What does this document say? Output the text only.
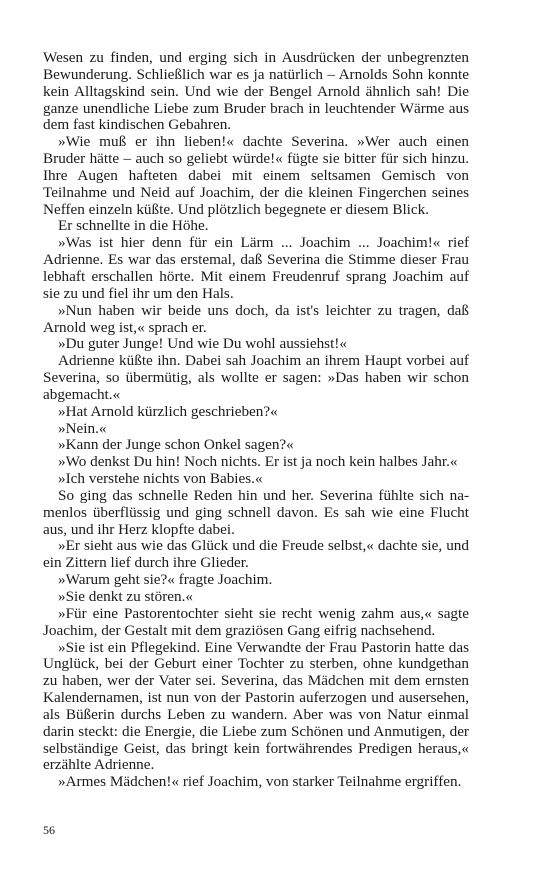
Wesen zu finden, und erging sich in Ausdrücken der unbegrenzten Bewunderung. Schließlich war es ja natürlich – Arnolds Sohn konnte kein Alltagskind sein. Und wie der Bengel Arnold ähnlich sah! Die ganze unendliche Liebe zum Bruder brach in leuchtender Wärme aus dem fast kindischen Gebahren.

»Wie muß er ihn lieben!« dachte Severina. »Wer auch einen Bruder hätte – auch so geliebt würde!« fügte sie bitter für sich hinzu. Ihre Augen hafteten dabei mit einem seltsamen Gemisch von Teilnahme und Neid auf Joachim, der die kleinen Fingerchen seines Neffen einzeln küßte. Und plötzlich begegnete er diesem Blick.

Er schnellte in die Höhe.

»Was ist hier denn für ein Lärm ... Joachim ... Joachim!« rief Adrienne. Es war das erstemal, daß Severina die Stimme dieser Frau lebhaft erschallen hörte. Mit einem Freudenruf sprang Joachim auf sie zu und fiel ihr um den Hals.

»Nun haben wir beide uns doch, da ist's leichter zu tragen, daß Arnold weg ist,« sprach er.

»Du guter Junge! Und wie Du wohl aussiehst!«

Adrienne küßte ihn. Dabei sah Joachim an ihrem Haupt vorbei auf Severina, so übermütig, als wollte er sagen: »Das haben wir schon abgemacht.«

»Hat Arnold kürzlich geschrieben?«

»Nein.«

»Kann der Junge schon Onkel sagen?«

»Wo denkst Du hin! Noch nichts. Er ist ja noch kein halbes Jahr.«

»Ich verstehe nichts von Babies.«

So ging das schnelle Reden hin und her. Severina fühlte sich namenlos überflüssig und ging schnell davon. Es sah wie eine Flucht aus, und ihr Herz klopfte dabei.

»Er sieht aus wie das Glück und die Freude selbst,« dachte sie, und ein Zittern lief durch ihre Glieder.

»Warum geht sie?« fragte Joachim.

»Sie denkt zu stören.«

»Für eine Pastorentochter sieht sie recht wenig zahm aus,« sagte Joachim, der Gestalt mit dem graziösen Gang eifrig nachsehend.

»Sie ist ein Pflegekind. Eine Verwandte der Frau Pastorin hatte das Unglück, bei der Geburt einer Tochter zu sterben, ohne kundgethan zu haben, wer der Vater sei. Severina, das Mädchen mit dem ernsten Kalendernamen, ist nun von der Pastorin auferzogen und ausersehen, als Büßerin durchs Leben zu wandern. Aber was von Natur einmal darin steckt: die Energie, die Liebe zum Schönen und Anmutigen, der selbständige Geist, das bringt kein fortwährendes Predigen heraus,« erzählte Adrienne.

»Armes Mädchen!« rief Joachim, von starker Teilnahme ergriffen.

56
